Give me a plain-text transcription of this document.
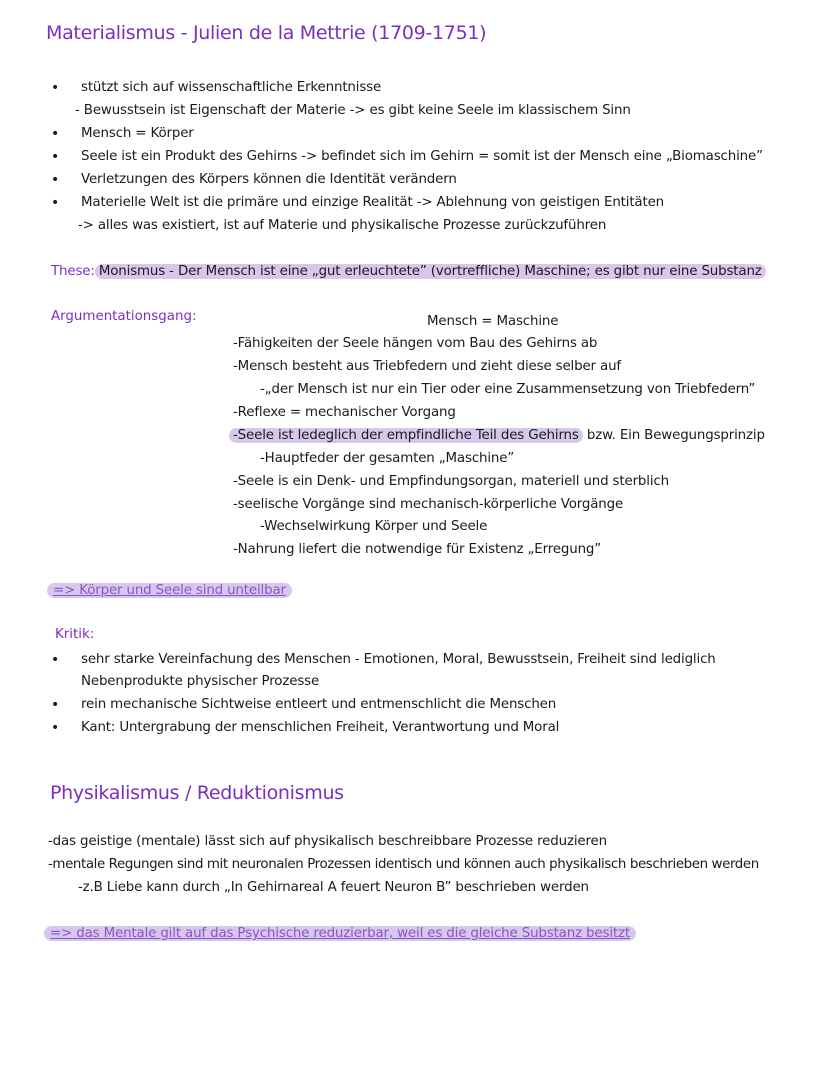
Materialismus - Julien de la Mettrie (1709-1751)
• stützt sich auf wissenschaftliche Erkenntnisse
- Bewusstsein ist Eigenschaft der Materie -> es gibt keine Seele im klassischem Sinn
• Mensch = Körper
• Seele ist ein Produkt des Gehirns -> befindet sich im Gehirn = somit ist der Mensch eine „Biomaschine”
• Verletzungen des Körpers können die Identität verändern
• Materielle Welt ist die primäre und einzige Realität -> Ablehnung von geistigen Entitäten
-> alles was existiert, ist auf Materie und physikalische Prozesse zurückzuführen
These: Monismus - Der Mensch ist eine „gut erleuchtete” (vortreffliche) Maschine; es gibt nur eine Substanz
Argumentationsgang:	Mensch = Maschine
-Fähigkeiten der Seele hängen vom Bau des Gehirns ab
-Mensch besteht aus Triebfedern und zieht diese selber auf
-„der Mensch ist nur ein Tier oder eine Zusammensetzung von Triebfedern”
-Reflexe = mechanischer Vorgang
-Seele ist ledeglich der empfindliche Teil des Gehirns bzw. Ein Bewegungsprinzip
-Hauptfeder der gesamten „Maschine”
-Seele is ein Denk- und Empfindungsorgan, materiell und sterblich
-seelische Vorgänge sind mechanisch-körperliche Vorgänge
-Wechselwirkung Körper und Seele
-Nahrung liefert die notwendige für Existenz „Erregung”
=> Körper und Seele sind unteilbar
Kritik:
• sehr starke Vereinfachung des Menschen - Emotionen, Moral, Bewusstsein, Freiheit sind lediglich
Nebenprodukte physischer Prozesse
• rein mechanische Sichtweise entleert und entmenschlicht die Menschen
• Kant: Untergrabung der menschlichen Freiheit, Verantwortung und Moral
Physikalismus / Reduktionismus
-das geistige (mentale) lässt sich auf physikalisch beschreibbare Prozesse reduzieren
-mentale Regungen sind mit neuronalen Prozessen identisch und können auch physikalisch beschrieben werden
-z.B Liebe kann durch „In Gehirnareal A feuert Neuron B” beschrieben werden
=> das Mentale gilt auf das Psychische reduzierbar, weil es die gleiche Substanz besitzt
